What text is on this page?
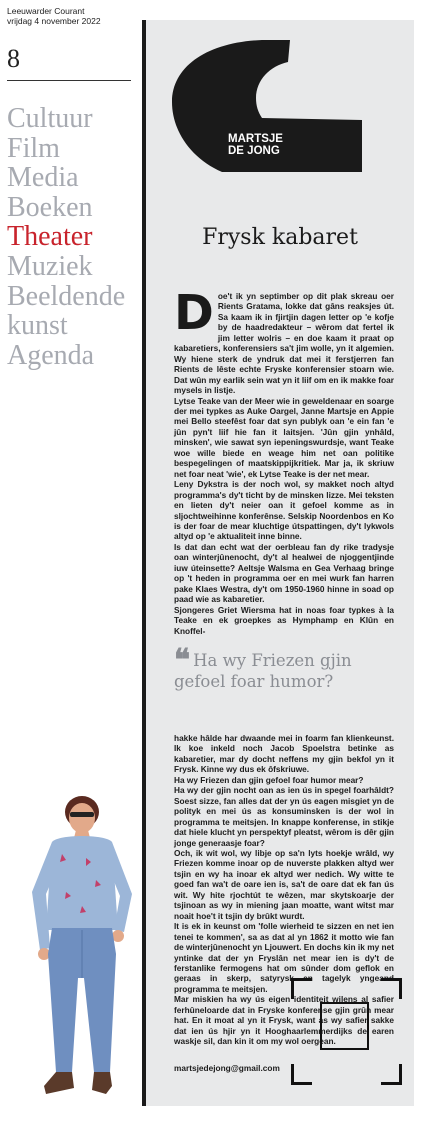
Leeuwarder Courant
vrijdag 4 november 2022
8
Cultuur
Film
Media
Boeken
Theater
Muziek
Beeldende
kunst
Agenda
MARTSJE
DE JONG
Frysk kabaret

Doe't ik yn septimber op dit plak skreau oer Rients Gratama, lokke dat gâns reaksjes út. Sa kaam ik in fjirtjin dagen letter op 'e kofje by de haadredakteur – wêrom dat fertel ik jim letter wolris – en doe kaam it praat op kabaretiers, konferensiers sa't jim wolle, yn it algemien. Wy hiene sterk de yndruk dat mei it ferstjerren fan Rients de lêste echte Fryske konferensier stoarn wie. Dat wûn my earlik sein wat yn it liif om en ik makke foar mysels in listje.

Lytse Teake van der Meer wie in geweldenaar en soarge der mei typkes as Auke Oargel, Janne Martsje en Appie mei Bello steefêst foar dat syn publyk oan 'e ein fan 'e jûn pyn't liif hie fan it laitsjen. 'Jûn gjin ynhâld, minsken', wie sawat syn iepeningswurdsje, want Teake woe wille biede en weage him net oan politike bespegelingen of maatskippijkritiek. Mar ja, ik skriuw net foar neat 'wie', ek Lytse Teake is der net mear.

Leny Dykstra is der noch wol, sy makket noch altyd programma's dy't ticht by de minsken lizze. Mei teksten en lieten dy't neier oan it gefoel komme as in sljochtweihinne konferênse. Selskip Noordenbos en Ko is der foar de mear kluchtige útspattingen, dy't lykwols altyd op 'e aktualiteit inne binne.

Is dat dan echt wat der oerbleau fan dy rike tradysje oan winterjûnenocht, dy't al healwei de njoggentjinde iuw úteinsette? Aeltsje Walsma en Gea Verhaag bringe op 't heden in programma oer en mei wurk fan harren pake Klaes Westra, dy't om 1950-1960 hinne in soad op paad wie as kabaretier.

Sjongeres Griet Wiersma hat in noas foar typkes à la Teake en ek groepkes as Hymphamp en Klûn en Knoffel-

❝ Ha wy Friezen gjin gefoel foar humor?

hakke hâlde har dwaande mei in foarm fan klienkeunst. Ik koe inkeld noch Jacob Spoelstra betinke as kabaretier, mar dy docht neffens my gjin bekfol yn it Frysk. Kinne wy dus ek ôfskriuwe.

Ha wy Friezen dan gjin gefoel foar humor mear?

Ha wy der gjin nocht oan as ien ús in spegel foarhâldt? Soest sizze, fan alles dat der yn ús eagen misgiet yn de polityk en mei ús as konsuminsken is der wol in programma te meitsjen. In knappe konferense, in stikje dat hiele klucht yn perspektyf pleatst, wêrom is dêr gjin jonge generaasje foar?

Och, ik wit wol, wy libje op sa'n lyts hoekje wrâld, wy Friezen komme inoar op de nuverste plakken altyd wer tsjin en wy ha inoar ek altyd wer nedich. Wy witte te goed fan wa't de oare ien is, sa't de oare dat ek fan ús wit. Wy hite rjochtút te wêzen, mar skytskoarje der tsjinoan as wy in miening jaan moatte, want witst mar noait hoe't it tsjin dy brûkt wurdt.

It is ek in keunst om 'folle wierheid te sizzen en net ien tenei te kommen', sa as dat al yn 1862 it motto wie fan de winterjûnenocht yn Ljouwert. En dochs kin ik my net yntinke dat der yn Fryslân net mear ien is dy't de ferstanlike fermogens hat om sûnder dom geflok en geraas in skerp, satyrysk en tagelyk yngeand programma te meitsjen.

Mar miskien ha wy ús eigen identiteit wilens al safier ferhûneloarde dat in Fryske konferense gjin grûn mear hat. En it moat al yn it Frysk, want as wy safier sakke dat ien ús hjir yn it Hooghaarlemmerdijks de earen waskje sil, dan kin it om my wol oergean.

martsjedejong@gmail.com
